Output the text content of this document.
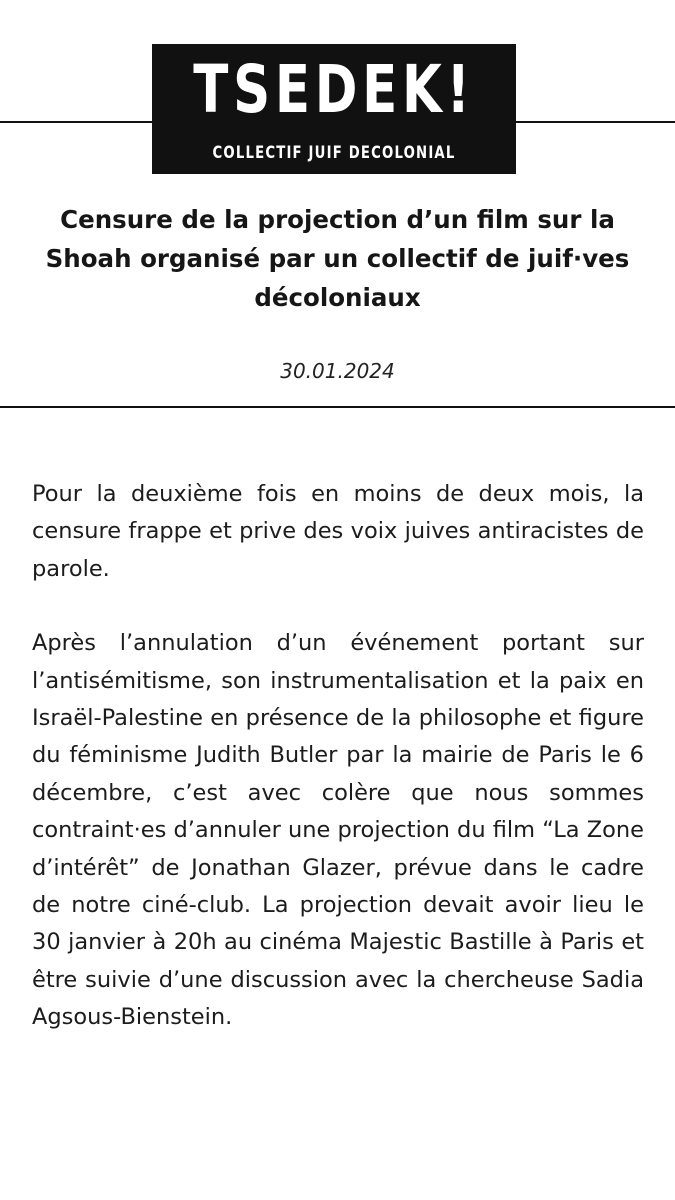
TSEDEK!
COLLECTIF JUIF DECOLONIAL
Censure de la projection d’un film sur la Shoah organisé par un collectif de juif·ves décoloniaux
30.01.2024

Pour la deuxième fois en moins de deux mois, la censure frappe et prive des voix juives antiracistes de parole.

Après l’annulation d’un événement portant sur l’antisémitisme, son instrumentalisation et la paix en Israël-Palestine en présence de la philosophe et figure du féminisme Judith Butler par la mairie de Paris le 6 décembre, c’est avec colère que nous sommes contraint·es d’annuler une projection du film “La Zone d’intérêt” de Jonathan Glazer, prévue dans le cadre de notre ciné-club. La projection devait avoir lieu le 30 janvier à 20h au cinéma Majestic Bastille à Paris et être suivie d’une discussion avec la chercheuse Sadia Agsous-Bienstein.
